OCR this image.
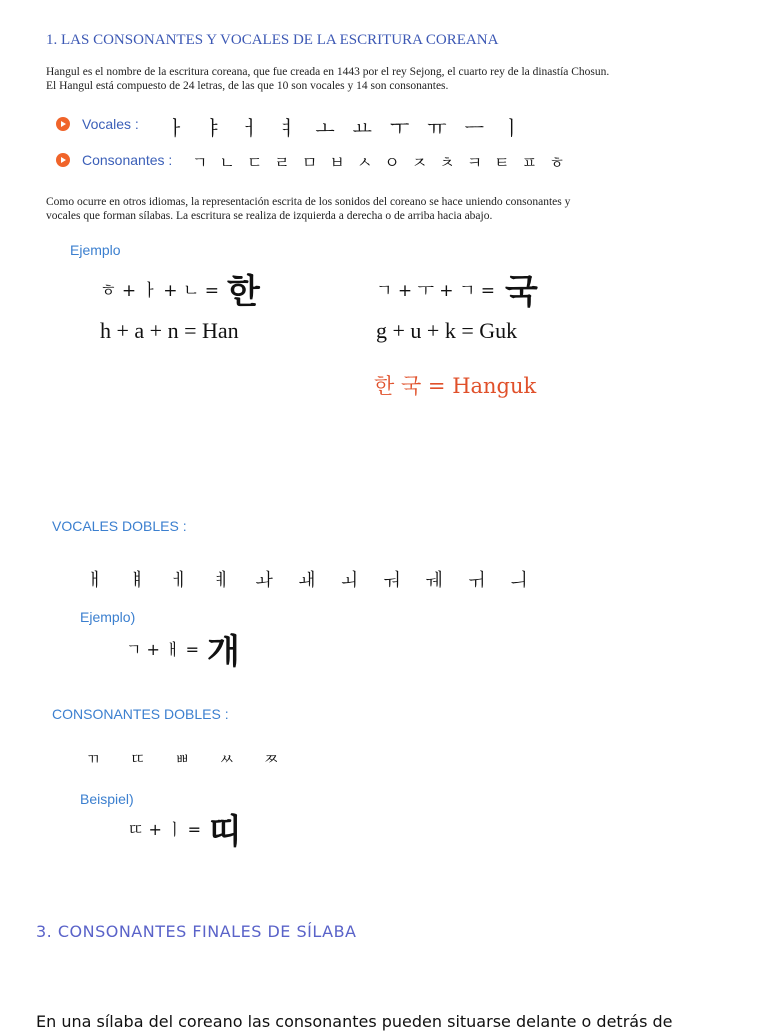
1. LAS CONSONANTES Y VOCALES DE LA ESCRITURA COREANA
Hangul es el nombre de la escritura coreana, que fue creada en 1443 por el rey Sejong, el cuarto rey de la dinastía Chosun.
El Hangul está compuesto de 24 letras, de las que 10 son vocales y 14 son consonantes.
Vocales : ㅏ ㅑ ㅓ ㅕ ㅗ ㅛ ㅜ ㅠ ㅡ ㅣ
Consonantes : ㄱ ㄴ ㄷ ㄹ ㅁ ㅂ ㅅ ㅇ ㅈ ㅊ ㅋ ㅌ ㅍ ㅎ
Como ocurre en otros idiomas, la representación escrita de los sonidos del coreano se hace uniendo consonantes y
vocales que forman sílabas. La escritura se realiza de izquierda a derecha o de arriba hacia abajo.
Ejemplo
ㅎ + ㅏ + ㄴ = 한
h + a + n = Han
ㄱ + ㅜ + ㄱ = 국
g + u + k = Guk
한 국 = Hanguk
VOCALES DOBLES :
ㅐ ㅒ ㅔ ㅖ ㅘ ㅙ ㅚ ㅝ ㅞ ㅟ ㅢ
Ejemplo)
ㄱ + ㅐ = 개
CONSONANTES DOBLES :
ㄲ ㄸ ㅃ ㅆ ㅉ
Beispiel)
ㄸ + ㅣ = 띠
3. CONSONANTES FINALES DE SÍLABA
En una sílaba del coreano las consonantes pueden situarse delante o detrás de
